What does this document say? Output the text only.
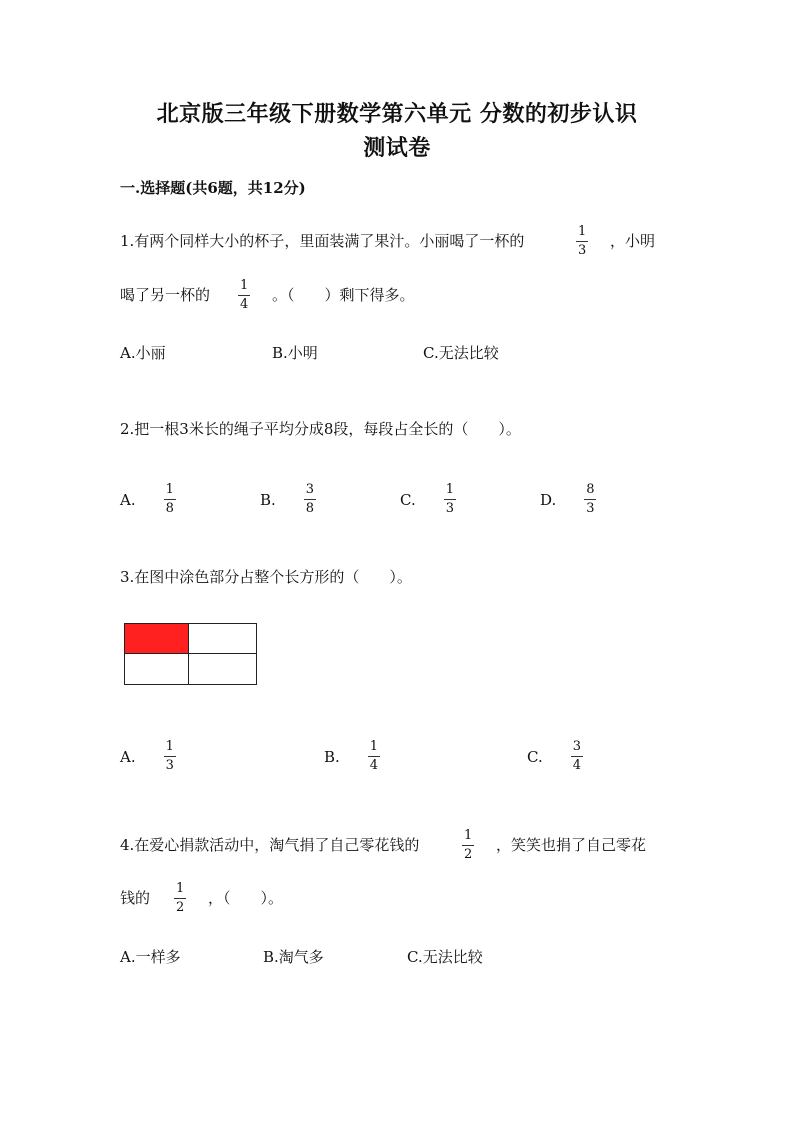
北京版三年级下册数学第六单元 分数的初步认识
测试卷
一.选择题(共6题，共12分)
1.有两个同样大小的杯子，里面装满了果汁。小丽喝了一杯的	$\frac{1}{3}$ ，小明
喝了另一杯的 $\frac{1}{4}$ 。（　　）剩下得多。
A.小丽	B.小明	C.无法比较
2.把一根3米长的绳子平均分成8段，每段占全长的（　　）。
A. $\frac{1}{8}$	B. $\frac{3}{8}$	C. $\frac{1}{3}$	D. $\frac{8}{3}$
3.在图中涂色部分占整个长方形的（　　）。
A. $\frac{1}{3}$	B. $\frac{1}{4}$	C. $\frac{3}{4}$
4.在爱心捐款活动中，淘气捐了自己零花钱的	$\frac{1}{2}$ ，笑笑也捐了自己零花
钱的 $\frac{1}{2}$ ，（　　）。
A.一样多	B.淘气多	C.无法比较
